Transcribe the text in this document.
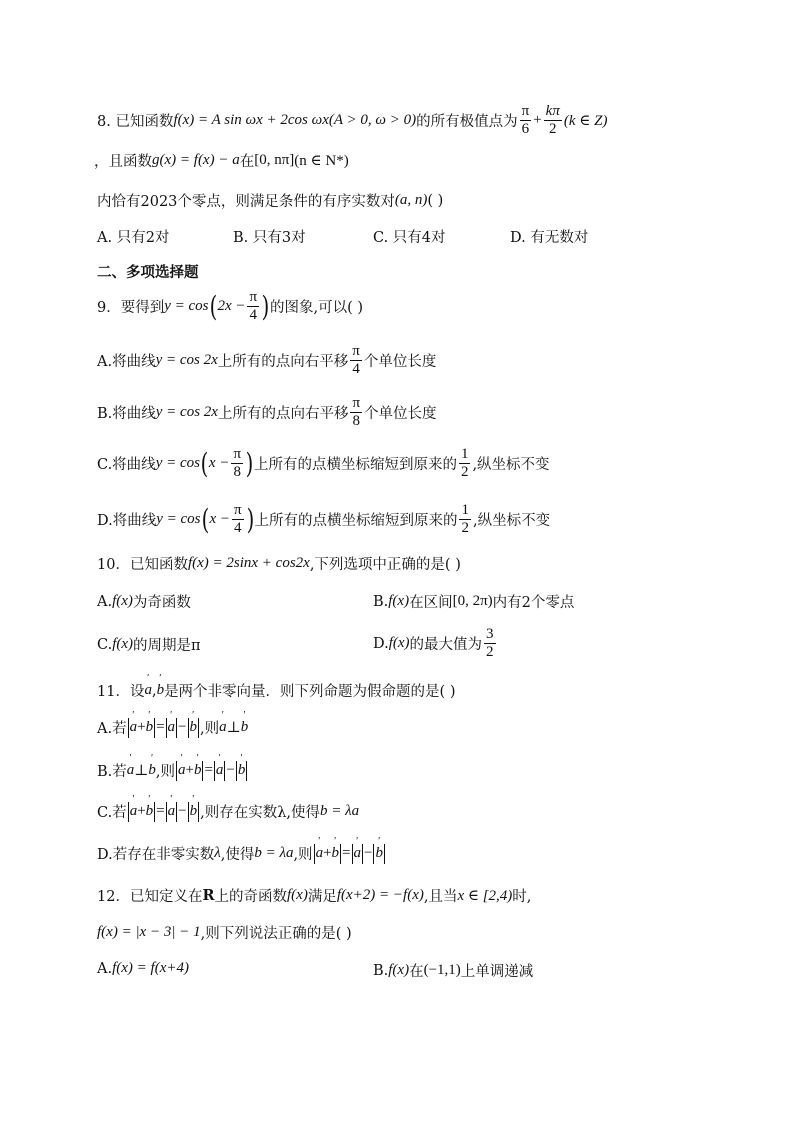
8. 已知函数 f(x) = A sin ωx + 2cos ωx(A > 0, ω > 0) 的所有极值点为 $\frac{\pi}{6} + \frac{k\pi}{2} (k$ ∈ Z)
，且函数 g(x) = f(x) − a 在 [0, nπ] (n ∈ N*)
内恰有2023个零点，则满足条件的有序实数对 (a, n) ( )
A. 只有2对	B. 只有3对	C. 只有4对	D. 有无数对
二、多项选择题
9．要得到 y = cos ( $2x - \frac{\pi}{4}$ ) 的图象,可以( )
A.将曲线 y = cos 2x 上所有的点向右平移 $\frac{\pi}{4}$ 个单位长度
B.将曲线 y = cos 2x 上所有的点向右平移 $\frac{\pi}{8}$ 个单位长度
C.将曲线 y = cos ( $x - \frac{\pi}{8}$ ) 上所有的点横坐标缩短到原来的 $\frac{1}{2}$ ,纵坐标不变
D.将曲线 y = cos ( $x - \frac{\pi}{4}$ ) 上所有的点横坐标缩短到原来的 $\frac{1}{2}$ ,纵坐标不变
10．已知函数 f(x) = 2sinx + cos2x ,下列选项中正确的是( )
A. f(x) 为奇函数	B. f(x) 在区间 [0, 2π) 内有2个零点
C. f(x) 的周期是π	D. f(x) 的最大值为 $\frac{3}{2}$
11．设 ' a , ' b 是两个非零向量．则下列命题为假命题的是( )
A.若 ' a + ' b = ' a − ' b ,则 ' a ⊥ ' b
B.若 ' a ⊥ ' b ,则 ' a + ' b = ' a − ' b
C.若 ' a + ' b = ' a − ' b ,则存在实数λ,使得 b = λa
D.若存在非零实数 λ ,使得 b = λa ,则 ' a + ' b = ' a − ' b
12．已知定义在 R 上的奇函数 f(x) 满足 f(x+2) = −f(x) ,且当 x ∈ [2,4) 时,
f(x) = |x − 3| − 1 ,则下列说法正确的是( )
A. f(x) = f(x+4)	B. f(x) 在 (−1,1) 上单调递减
